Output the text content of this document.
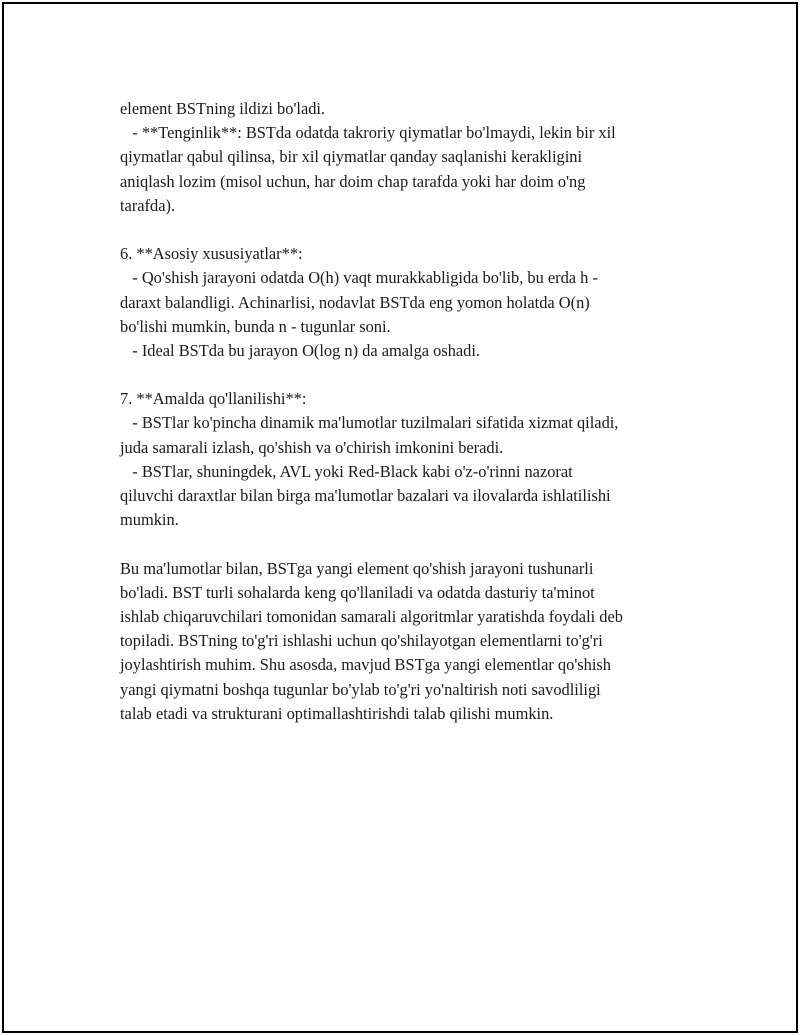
element BSTning ildizi bo'ladi.
- **Tenginlik**: BSTda odatda takroriy qiymatlar bo'lmaydi, lekin bir xil
qiymatlar qabul qilinsa, bir xil qiymatlar qanday saqlanishi kerakligini
aniqlash lozim (misol uchun, har doim chap tarafda yoki har doim o'ng
tarafda).
6. **Asosiy xususiyatlar**:
- Qo'shish jarayoni odatda O(h) vaqt murakkabligida bo'lib, bu erda h -
daraxt balandligi. Achinarlisi, nodavlat BSTda eng yomon holatda O(n)
bo'lishi mumkin, bunda n - tugunlar soni.
- Ideal BSTda bu jarayon O(log n) da amalga oshadi.
7. **Amalda qo'llanilishi**:
- BSTlar ko'pincha dinamik ma'lumotlar tuzilmalari sifatida xizmat qiladi,
juda samarali izlash, qo'shish va o'chirish imkonini beradi.
- BSTlar, shuningdek, AVL yoki Red-Black kabi o'z-o'rinni nazorat
qiluvchi daraxtlar bilan birga ma'lumotlar bazalari va ilovalarda ishlatilishi
mumkin.
Bu ma'lumotlar bilan, BSTga yangi element qo'shish jarayoni tushunarli
bo'ladi. BST turli sohalarda keng qo'llaniladi va odatda dasturiy ta'minot
ishlab chiqaruvchilari tomonidan samarali algoritmlar yaratishda foydali deb
topiladi. BSTning to'g'ri ishlashi uchun qo'shilayotgan elementlarni to'g'ri
joylashtirish muhim. Shu asosda, mavjud BSTga yangi elementlar qo'shish
yangi qiymatni boshqa tugunlar bo'ylab to'g'ri yo'naltirish noti savodliligi
talab etadi va strukturani optimallashtirishdi talab qilishi mumkin.
